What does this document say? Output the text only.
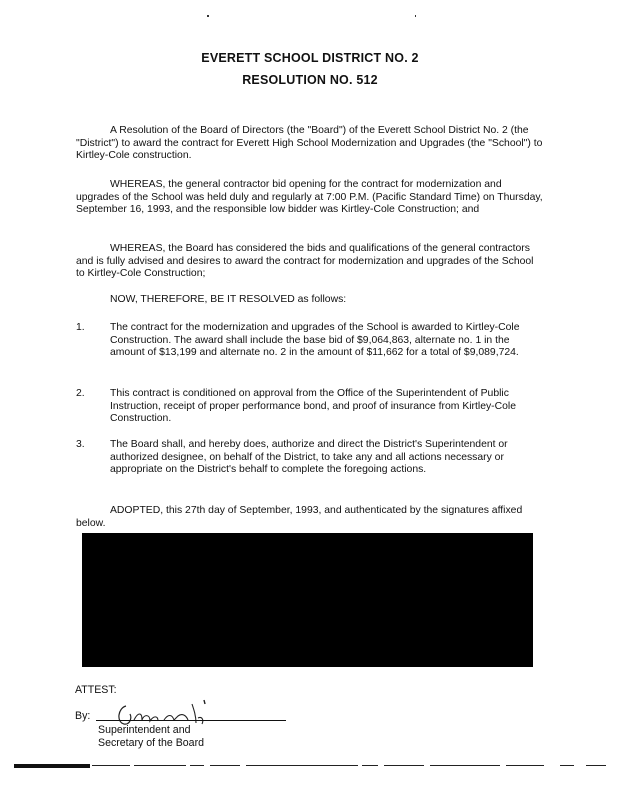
EVERETT SCHOOL DISTRICT NO. 2
RESOLUTION NO. 512

A Resolution of the Board of Directors (the "Board") of the Everett School District No. 2 (the "District") to award the contract for Everett High School Modernization and Upgrades (the "School") to Kirtley-Cole construction.

WHEREAS, the general contractor bid opening for the contract for modernization and upgrades of the School was held duly and regularly at 7:00 P.M. (Pacific Standard Time) on Thursday, September 16, 1993, and the responsible low bidder was Kirtley-Cole Construction; and

WHEREAS, the Board has considered the bids and qualifications of the general contractors and is fully advised and desires to award the contract for modernization and upgrades of the School to Kirtley-Cole Construction;

NOW, THEREFORE, BE IT RESOLVED as follows:

1. The contract for the modernization and upgrades of the School is awarded to Kirtley-Cole Construction. The award shall include the base bid of $9,064,863, alternate no. 1 in the amount of $13,199 and alternate no. 2 in the amount of $11,662 for a total of $9,089,724.
2. This contract is conditioned on approval from the Office of the Superintendent of Public Instruction, receipt of proper performance bond, and proof of insurance from Kirtley-Cole Construction.
3. The Board shall, and hereby does, authorize and direct the District's Superintendent or authorized designee, on behalf of the District, to take any and all actions necessary or appropriate on the District's behalf to complete the foregoing actions.

ADOPTED, this 27th day of September, 1993, and authenticated by the signatures affixed below.

ATTEST:
By:
Superintendent and
Secretary of the Board
